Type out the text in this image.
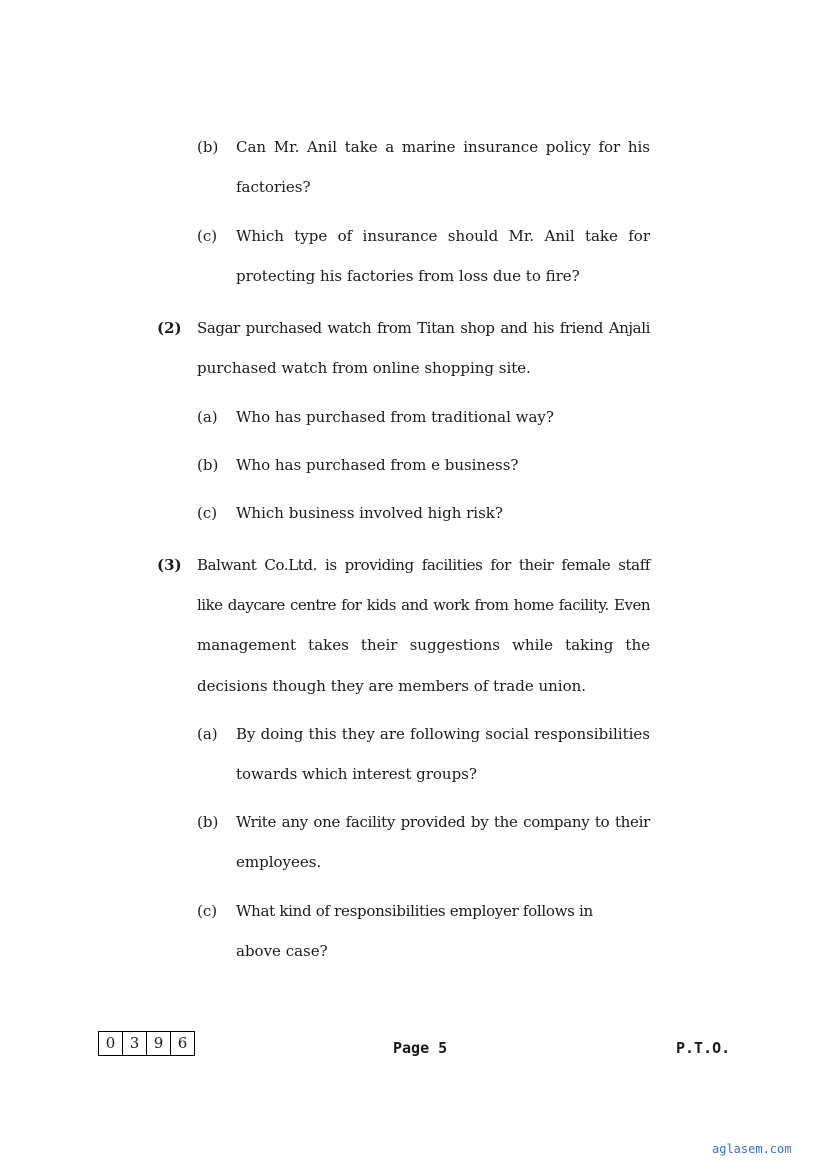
(b) Can Mr. Anil take a marine insurance policy for his
factories?
(c) Which type of insurance should Mr. Anil take for
protecting his factories from loss due to fire?
(2) Sagar purchased watch from Titan shop and his friend Anjali
purchased watch from online shopping site.
(a) Who has purchased from traditional way?
(b) Who has purchased from e business?
(c) Which business involved high risk?
(3) Balwant Co.Ltd. is providing facilities for their female staff
like daycare centre for kids and work from home facility. Even
management takes their suggestions while taking the
decisions though they are members of trade union.
(a) By doing this they are following social responsibilities
towards which interest groups?
(b) Write any one facility provided by the company to their
employees.
(c) What kind of responsibilities employer follows in
above case?
0 3 9 6	Page 5	P.T.O.
aglasem.com
